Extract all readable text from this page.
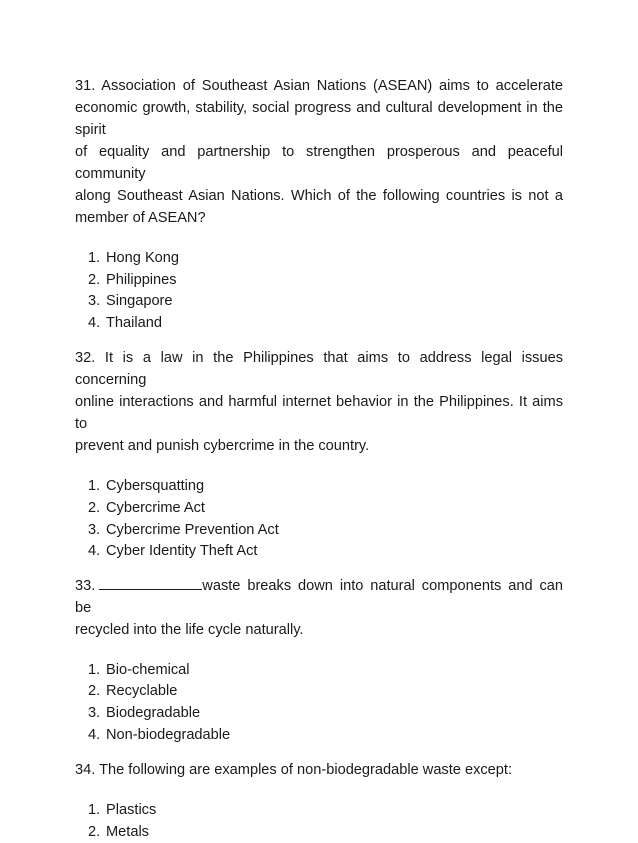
31. Association of Southeast Asian Nations (ASEAN) aims to accelerate
economic growth, stability, social progress and cultural development in the spirit
of equality and partnership to strengthen prosperous and peaceful community
along Southeast Asian Nations. Which of the following countries is not a
member of ASEAN?

1. Hong Kong
2. Philippines
3. Singapore
4. Thailand

32. It is a law in the Philippines that aims to address legal issues concerning
online interactions and harmful internet behavior in the Philippines. It aims to
prevent and punish cybercrime in the country.

1. Cybersquatting
2. Cybercrime Act
3. Cybercrime Prevention Act
4. Cyber Identity Theft Act

33.	waste breaks down into natural components and can be
recycled into the life cycle naturally.

1. Bio-chemical
2. Recyclable
3. Biodegradable
4. Non-biodegradable

34. The following are examples of non-biodegradable waste except:

1. Plastics
2. Metals
